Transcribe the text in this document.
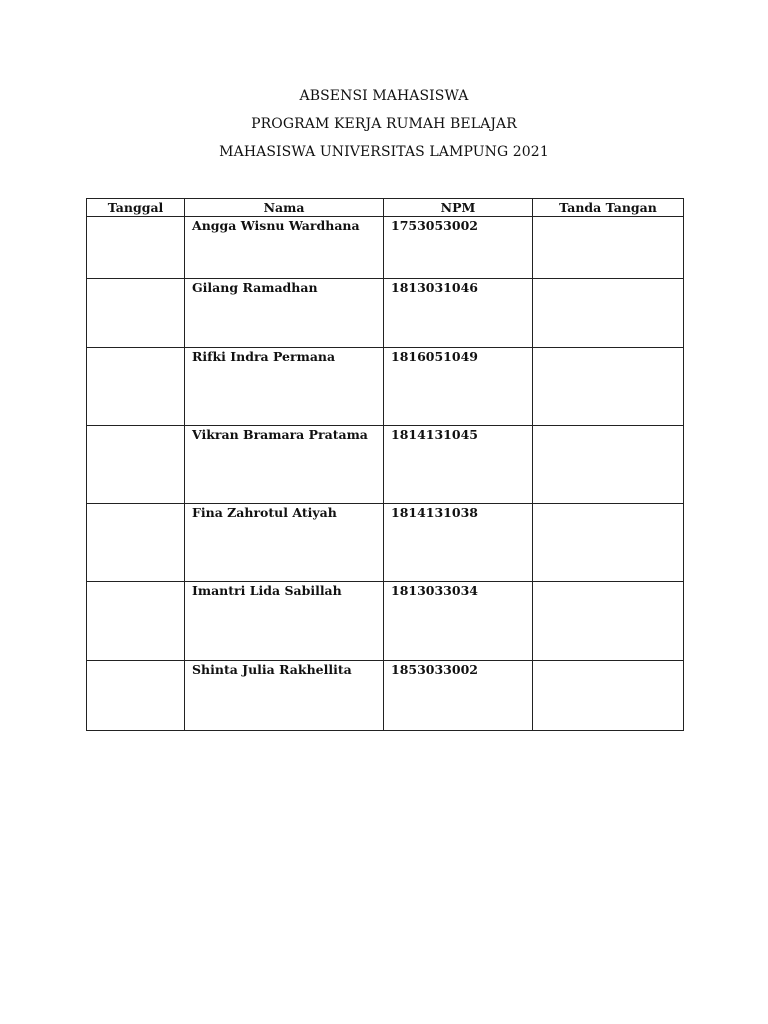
ABSENSI MAHASISWA
PROGRAM KERJA RUMAH BELAJAR
MAHASISWA UNIVERSITAS LAMPUNG 2021
Tanggal	Nama	NPM	Tanda Tangan
	Angga Wisnu Wardhana	1753053002	
	Gilang Ramadhan	1813031046	
	Rifki Indra Permana	1816051049	
	Vikran Bramara Pratama	1814131045	
	Fina Zahrotul Atiyah	1814131038	
	Imantri Lida Sabillah	1813033034	
	Shinta Julia Rakhellita	1853033002	
